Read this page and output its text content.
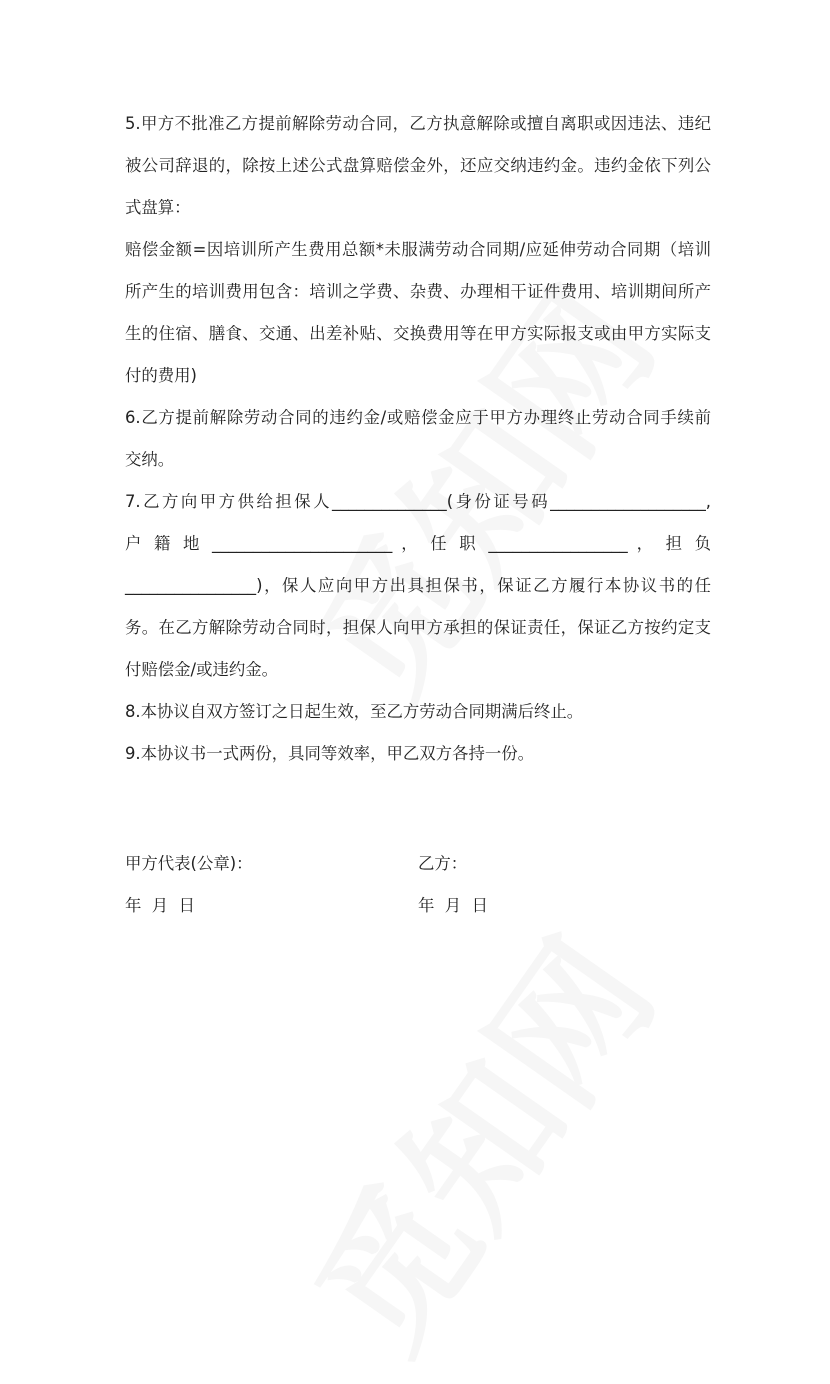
5.甲方不批准乙方提前解除劳动合同，乙方执意解除或擅自离职或因违法、违纪
被公司辞退的，除按上述公式盘算赔偿金外，还应交纳违约金。违约金依下列公
式盘算：
赔偿金额=因培训所产生费用总额*未服满劳动合同期/应延伸劳动合同期（培训
所产生的培训费用包含：培训之学费、杂费、办理相干证件费用、培训期间所产
生的住宿、膳食、交通、出差补贴、交换费用等在甲方实际报支或由甲方实际支
付的费用)
6.乙方提前解除劳动合同的违约金/或赔偿金应于甲方办理终止劳动合同手续前
交纳。
7.乙方向甲方供给担保人______________(身份证号码___________________,
户 籍 地 ______________________ ， 任 职 _________________ ， 担 负
________________)，保人应向甲方出具担保书，保证乙方履行本协议书的任
务。在乙方解除劳动合同时，担保人向甲方承担的保证责任，保证乙方按约定支
付赔偿金/或违约金。
8.本协议自双方签订之日起生效，至乙方劳动合同期满后终止。
9.本协议书一式两份，具同等效率，甲乙双方各持一份。
甲方代表(公章)：	乙方：
年  月  日	年  月  日
